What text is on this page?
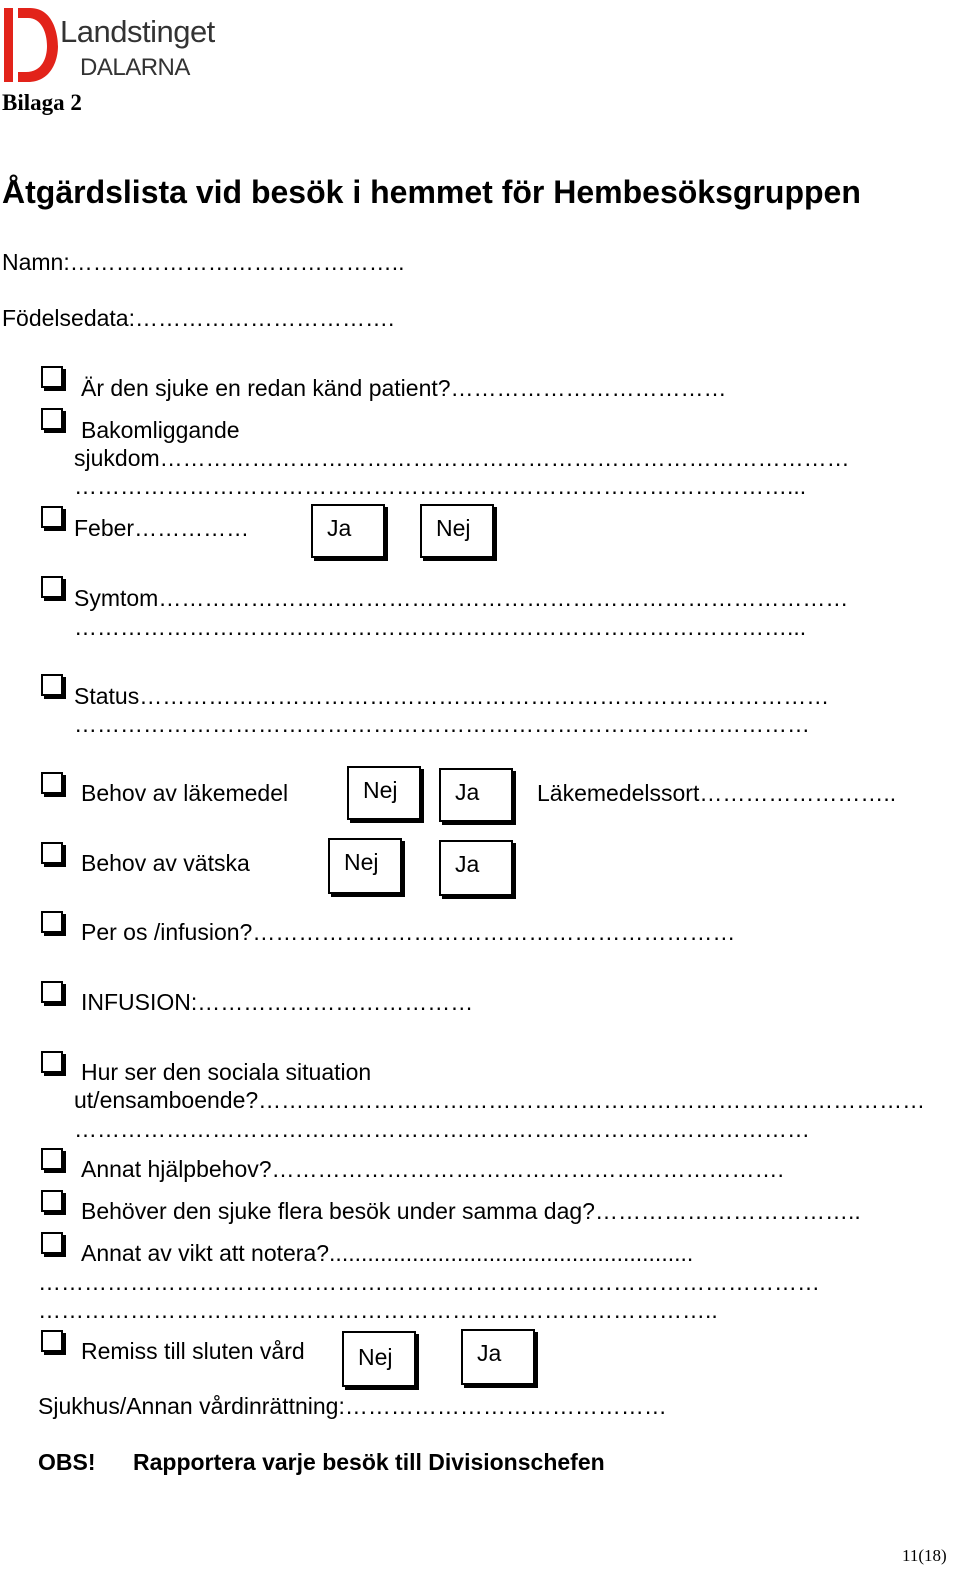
Landstinget
DALARNA
Bilaga 2
Åtgärdslista vid besök i hemmet för Hembesöksgruppen
Namn:……………………………………..
Födelsedata:…………………………….
Är den sjuke en redan känd patient?………………………………
Bakomliggande
sjukdom………………………………………………………………………………
…………………………………………………………………………………...
Feber……………	Ja	Nej
Symtom………………………………………………………………………………
…………………………………………………………………………………...
Status………………………………………………………………………………
……………………………………………………………………………………
Behov av läkemedel	Nej Ja	Läkemedelssort……………………..
Behov av vätska	Nej	Ja
Per os /infusion?………………………………………………………
INFUSION:………………………………
Hur ser den sociala situation
ut/ensamboende?……………………………………………………………………………
……………………………………………………………………………………
Annat hjälpbehov?………………………………………………………….
Behöver den sjuke flera besök under samma dag?……………………………..
Annat av vikt att notera?.........................................................
…………………………………………………………………………………………
……………………………………………………………………………..
Remiss till sluten vård Nej	Ja
Sjukhus/Annan vårdinrättning:……………………………………
OBS! Rapportera varje besök till Divisionschefen
11(18)
